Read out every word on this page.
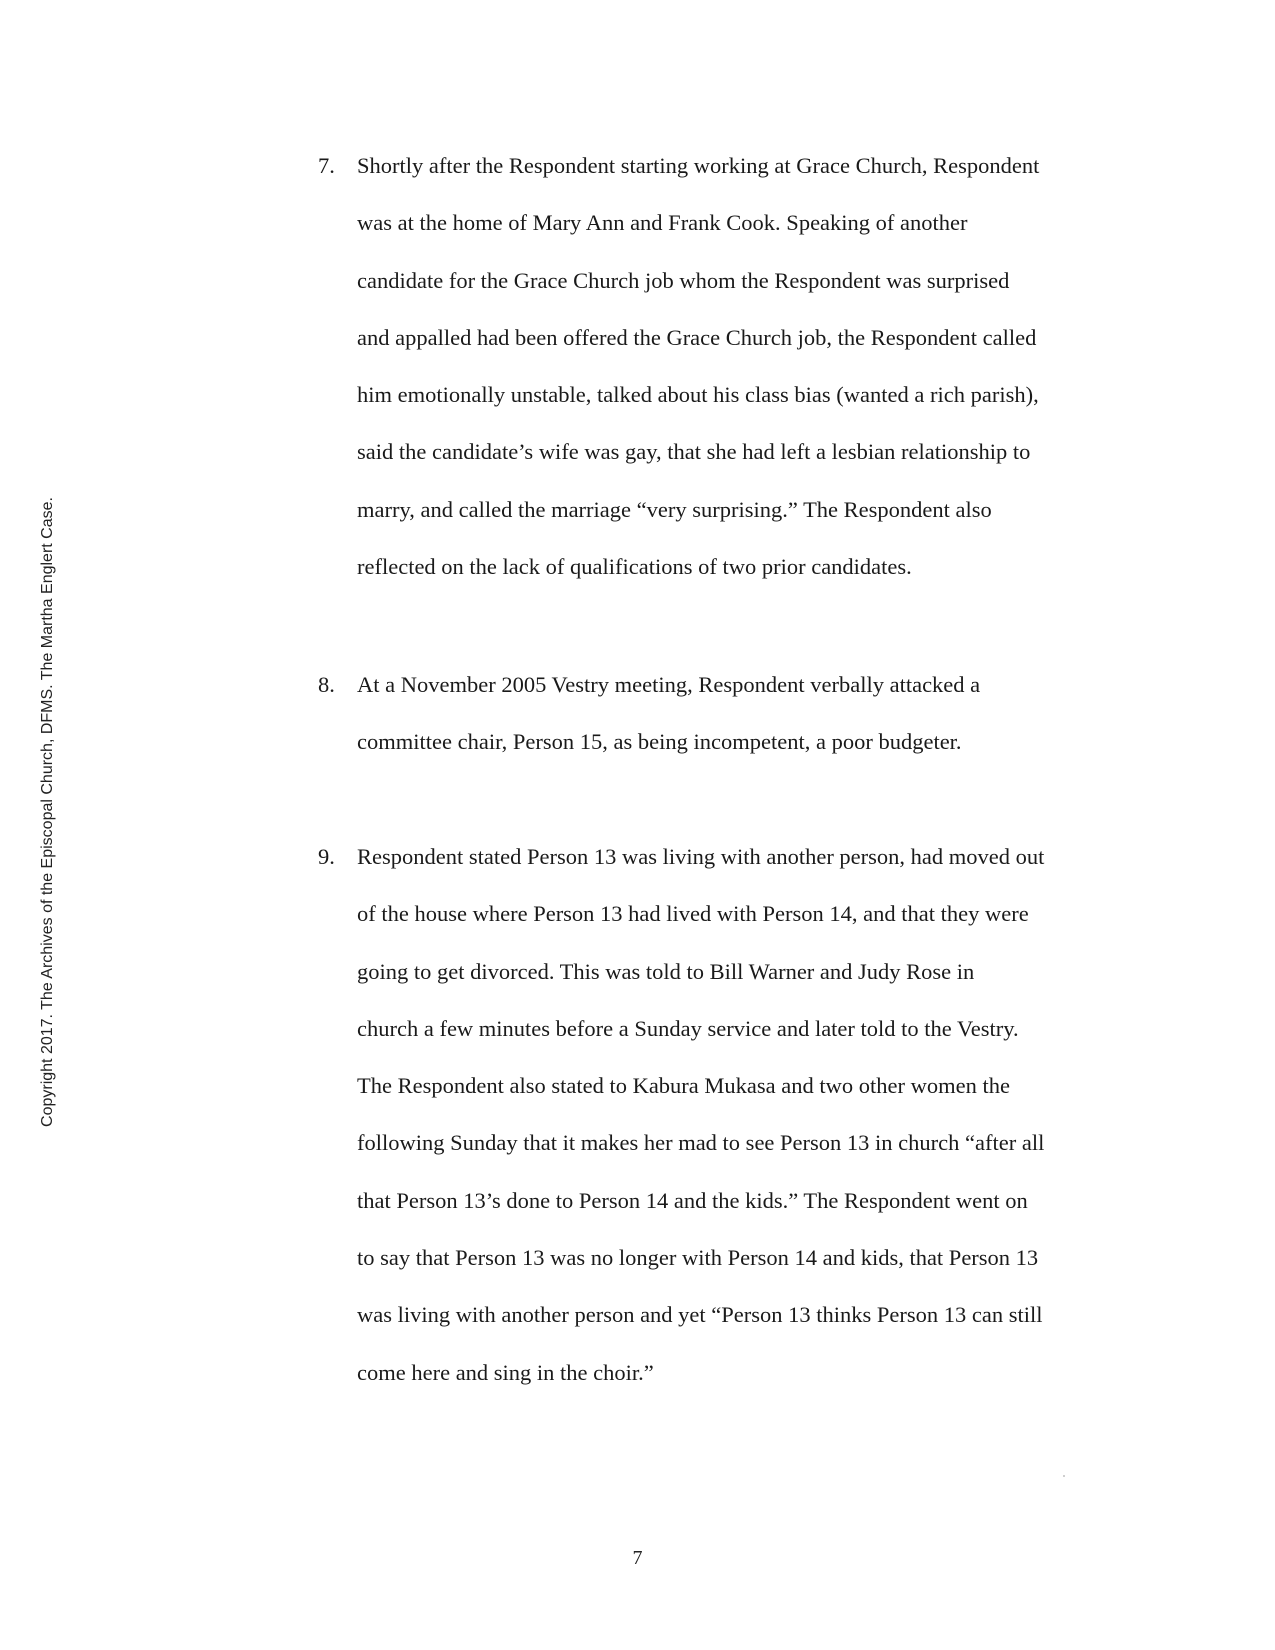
Copyright 2017. The Archives of the Episcopal Church, DFMS. The Martha Englert Case.
7. Shortly after the Respondent starting working at Grace Church, Respondent
was at the home of Mary Ann and Frank Cook. Speaking of another
candidate for the Grace Church job whom the Respondent was surprised
and appalled had been offered the Grace Church job, the Respondent called
him emotionally unstable, talked about his class bias (wanted a rich parish),
said the candidate’s wife was gay, that she had left a lesbian relationship to
marry, and called the marriage “very surprising.” The Respondent also
reflected on the lack of qualifications of two prior candidates.
8. At a November 2005 Vestry meeting, Respondent verbally attacked a
committee chair, Person 15, as being incompetent, a poor budgeter.
9. Respondent stated Person 13 was living with another person, had moved out
of the house where Person 13 had lived with Person 14, and that they were
going to get divorced. This was told to Bill Warner and Judy Rose in
church a few minutes before a Sunday service and later told to the Vestry.
The Respondent also stated to Kabura Mukasa and two other women the
following Sunday that it makes her mad to see Person 13 in church “after all
that Person 13’s done to Person 14 and the kids.” The Respondent went on
to say that Person 13 was no longer with Person 14 and kids, that Person 13
was living with another person and yet “Person 13 thinks Person 13 can still
come here and sing in the choir.”
7
